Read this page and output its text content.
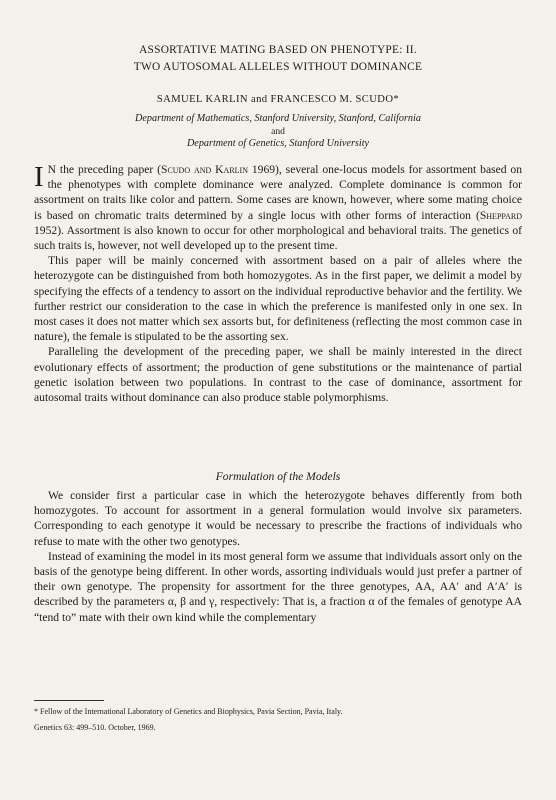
ASSORTATIVE MATING BASED ON PHENOTYPE: II.
TWO AUTOSOMAL ALLELES WITHOUT DOMINANCE
SAMUEL KARLIN and FRANCESCO M. SCUDO*
Department of Mathematics, Stanford University, Stanford, California
and
Department of Genetics, Stanford University

I N the preceding paper (Scudo and Karlin 1969), several one-locus models for assortment based on the phenotypes with complete dominance were analyzed. Complete dominance is common for assortment on traits like color and pattern. Some cases are known, however, where some mating choice is based on chromatic traits determined by a single locus with other forms of interaction (Sheppard 1952). Assortment is also known to occur for other morphological and behavioral traits. The genetics of such traits is, however, not well developed up to the present time.

This paper will be mainly concerned with assortment based on a pair of alleles where the heterozygote can be distinguished from both homozygotes. As in the first paper, we delimit a model by specifying the effects of a tendency to assort on the individual reproductive behavior and the fertility. We further restrict our consideration to the case in which the preference is manifested only in one sex. In most cases it does not matter which sex assorts but, for definiteness (reflecting the most common case in nature), the female is stipulated to be the assorting sex.

Paralleling the development of the preceding paper, we shall be mainly interested in the direct evolutionary effects of assortment; the production of gene substitutions or the maintenance of partial genetic isolation between two populations. In contrast to the case of dominance, assortment for autosomal traits without dominance can also produce stable polymorphisms.

Formulation of the Models

We consider first a particular case in which the heterozygote behaves differently from both homozygotes. To account for assortment in a general formulation would involve six parameters. Corresponding to each genotype it would be necessary to prescribe the fractions of individuals who refuse to mate with the other two genotypes.

Instead of examining the model in its most general form we assume that individuals assort only on the basis of the genotype being different. In other words, assorting individuals would just prefer a partner of their own genotype. The propensity for assortment for the three genotypes, AA, AA′ and A′A′ is described by the parameters α, β and γ, respectively: That is, a fraction α of the females of genotype AA “tend to” mate with their own kind while the complementary

* Fellow of the International Laboratory of Genetics and Biophysics, Pavia Section, Pavia, Italy.
Genetics 63: 499–510. October, 1969.
